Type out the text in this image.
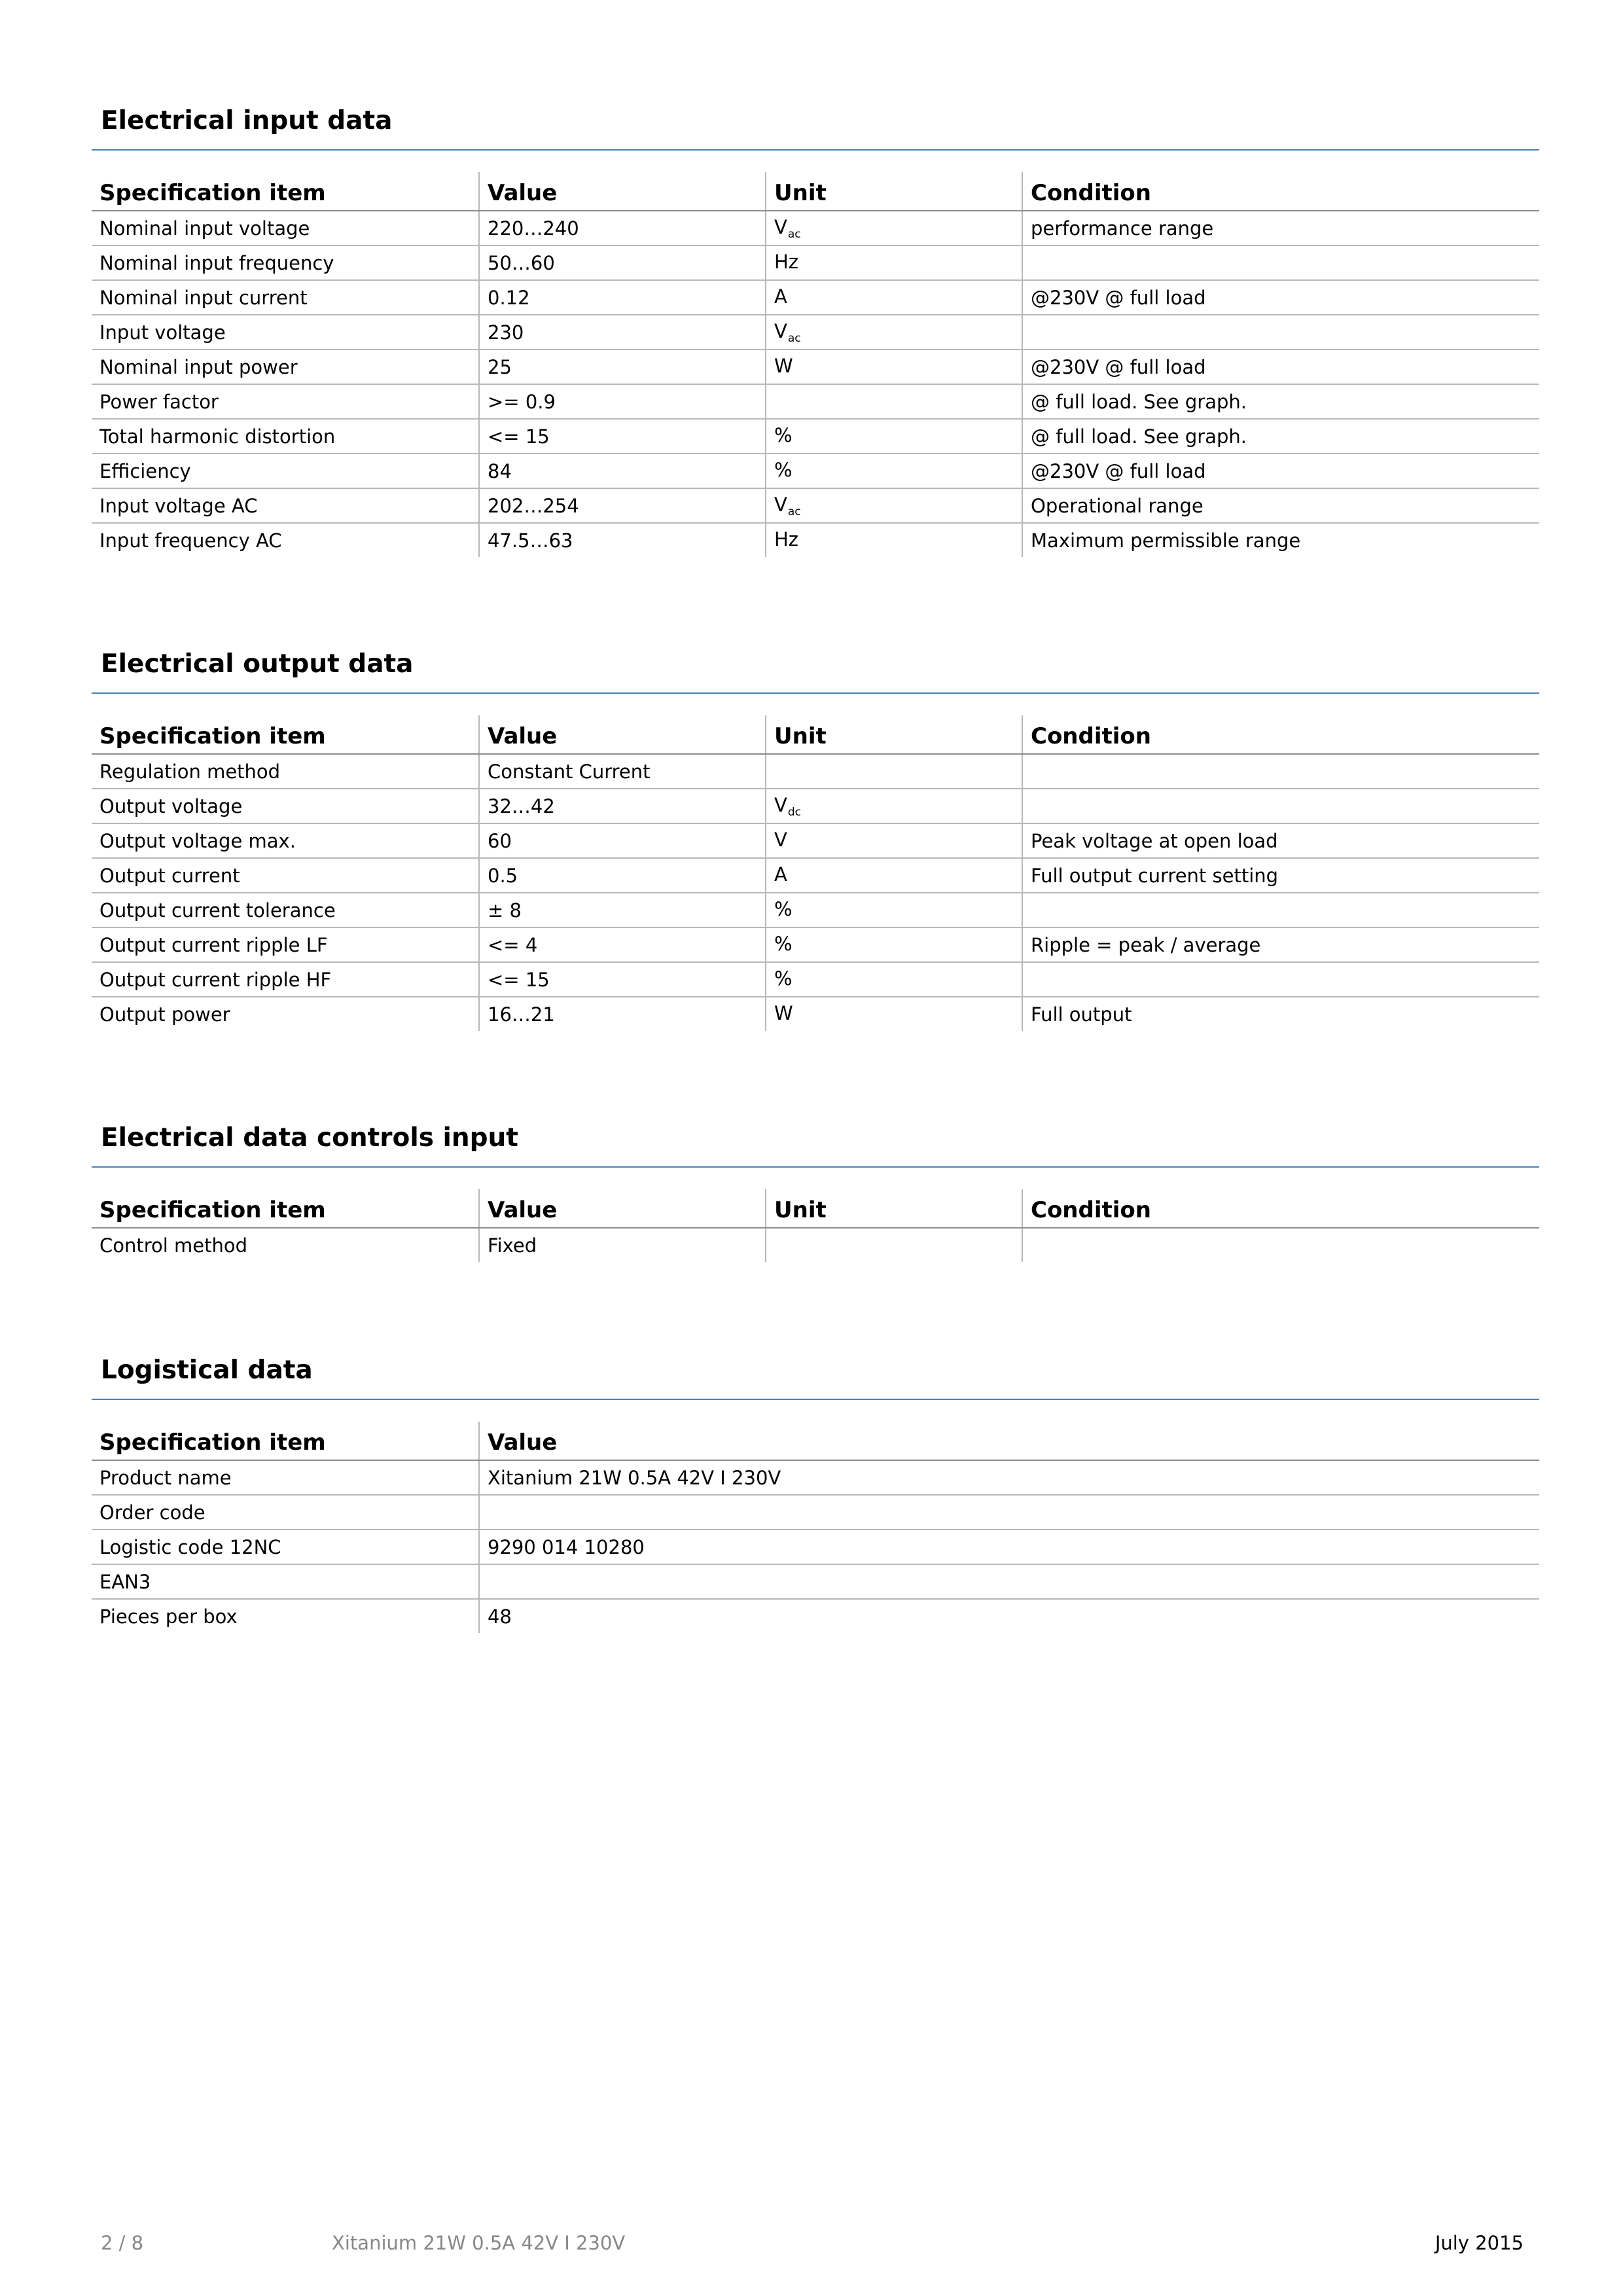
Electrical input data
Specification item	Value	Unit	Condition
Nominal input voltage	220…240	$V_{ac}$	performance range
Nominal input frequency	50…60	Hz	
Nominal input current	0.12	A	@230V @ full load
Input voltage	230	$V_{ac}$	
Nominal input power	25	W	@230V @ full load
Power factor	>= 0.9		@ full load. See graph.
Total harmonic distortion	<= 15	%	@ full load. See graph.
Efficiency	84	%	@230V @ full load
Input voltage AC	202…254	$V_{ac}$	Operational range
Input frequency AC	47.5…63	Hz	Maximum permissible range
Electrical output data
Specification item	Value	Unit	Condition
Regulation method	Constant Current		
Output voltage	32…42	$V_{dc}$	
Output voltage max.	60	V	Peak voltage at open load
Output current	0.5	A	Full output current setting
Output current tolerance	± 8	%	
Output current ripple LF	<= 4	%	Ripple = peak / average
Output current ripple HF	<= 15	%	
Output power	16…21	W	Full output
Electrical data controls input
Specification item	Value	Unit	Condition
Control method	Fixed		
Logistical data
Specification item	Value
Product name	Xitanium 21W 0.5A 42V I 230V
Order code	
Logistic code 12NC	9290 014 10280
EAN3	
Pieces per box	48
2 / 8	Xitanium 21W 0.5A 42V I 230V	July 2015
